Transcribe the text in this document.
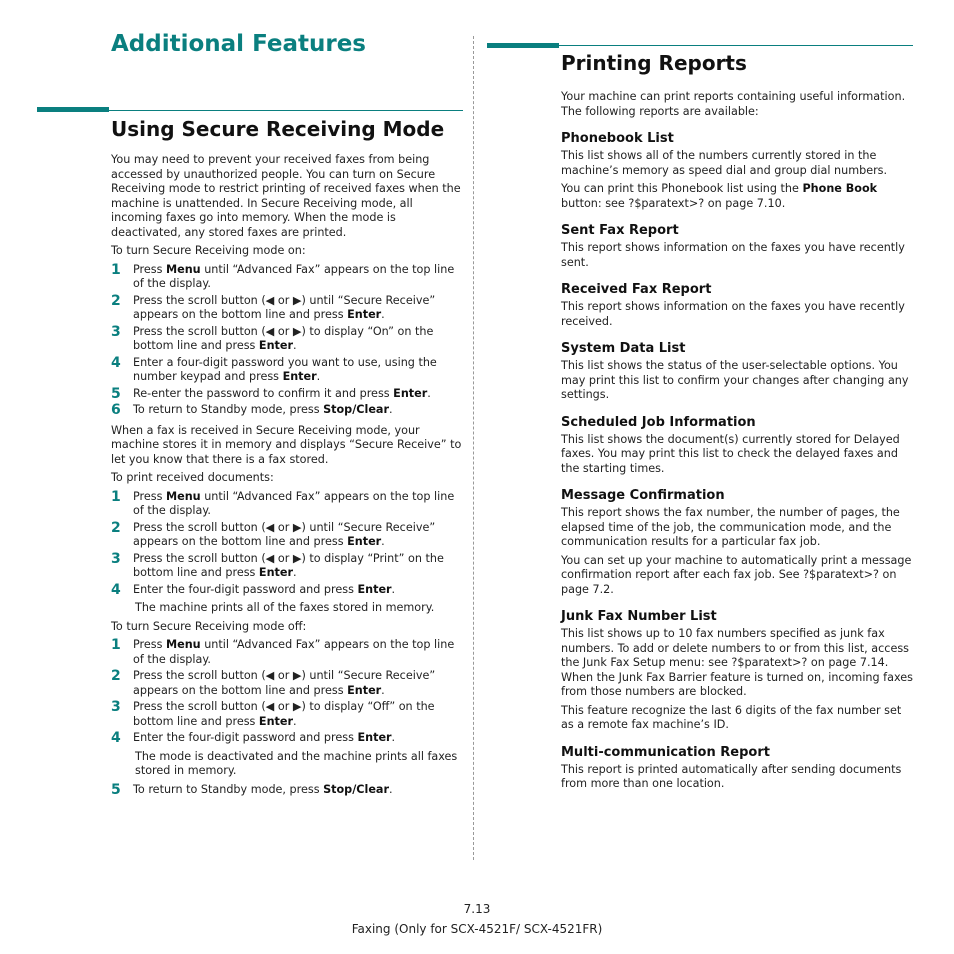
Additional Features
Using Secure Receiving Mode
Printing Reports

You may need to prevent your received faxes from being accessed by unauthorized people. You can turn on Secure Receiving mode to restrict printing of received faxes when the machine is unattended. In Secure Receiving mode, all incoming faxes go into memory. When the mode is deactivated, any stored faxes are printed.

To turn Secure Receiving mode on:

1	Press Menu until “Advanced Fax” appears on the top line of the display.
2	Press the scroll button (◀ or ▶) until “Secure Receive” appears on the bottom line and press Enter.
3	Press the scroll button (◀ or ▶) to display “On” on the bottom line and press Enter.
4	Enter a four-digit password you want to use, using the number keypad and press Enter.
5	Re-enter the password to confirm it and press Enter.
6	To return to Standby mode, press Stop/Clear.

When a fax is received in Secure Receiving mode, your machine stores it in memory and displays “Secure Receive” to let you know that there is a fax stored.

To print received documents:

1	Press Menu until “Advanced Fax” appears on the top line of the display.
2	Press the scroll button (◀ or ▶) until “Secure Receive” appears on the bottom line and press Enter.
3	Press the scroll button (◀ or ▶) to display “Print” on the bottom line and press Enter.
4	Enter the four-digit password and press Enter.
The machine prints all of the faxes stored in memory.

To turn Secure Receiving mode off:

1	Press Menu until “Advanced Fax” appears on the top line of the display.
2	Press the scroll button (◀ or ▶) until “Secure Receive” appears on the bottom line and press Enter.
3	Press the scroll button (◀ or ▶) to display “Off” on the bottom line and press Enter.
4	Enter the four-digit password and press Enter.
The mode is deactivated and the machine prints all faxes stored in memory.
5	To return to Standby mode, press Stop/Clear.

Your machine can print reports containing useful information. The following reports are available:

Phonebook List

This list shows all of the numbers currently stored in the machine’s memory as speed dial and group dial numbers.

You can print this Phonebook list using the Phone Book button: see ?$paratext>? on page 7.10.

Sent Fax Report

This report shows information on the faxes you have recently sent.

Received Fax Report

This report shows information on the faxes you have recently received.

System Data List

This list shows the status of the user-selectable options. You may print this list to confirm your changes after changing any settings.

Scheduled Job Information

This list shows the document(s) currently stored for Delayed faxes. You may print this list to check the delayed faxes and the starting times.

Message Confirmation

This report shows the fax number, the number of pages, the elapsed time of the job, the communication mode, and the communication results for a particular fax job.

You can set up your machine to automatically print a message confirmation report after each fax job. See ?$paratext>? on page 7.2.

Junk Fax Number List

This list shows up to 10 fax numbers specified as junk fax numbers. To add or delete numbers to or from this list, access the Junk Fax Setup menu: see ?$paratext>? on page 7.14. When the Junk Fax Barrier feature is turned on, incoming faxes from those numbers are blocked.

This feature recognize the last 6 digits of the fax number set as a remote fax machine’s ID.

Multi-communication Report

This report is printed automatically after sending documents from more than one location.

7.13
Faxing (Only for SCX-4521F/ SCX-4521FR)
